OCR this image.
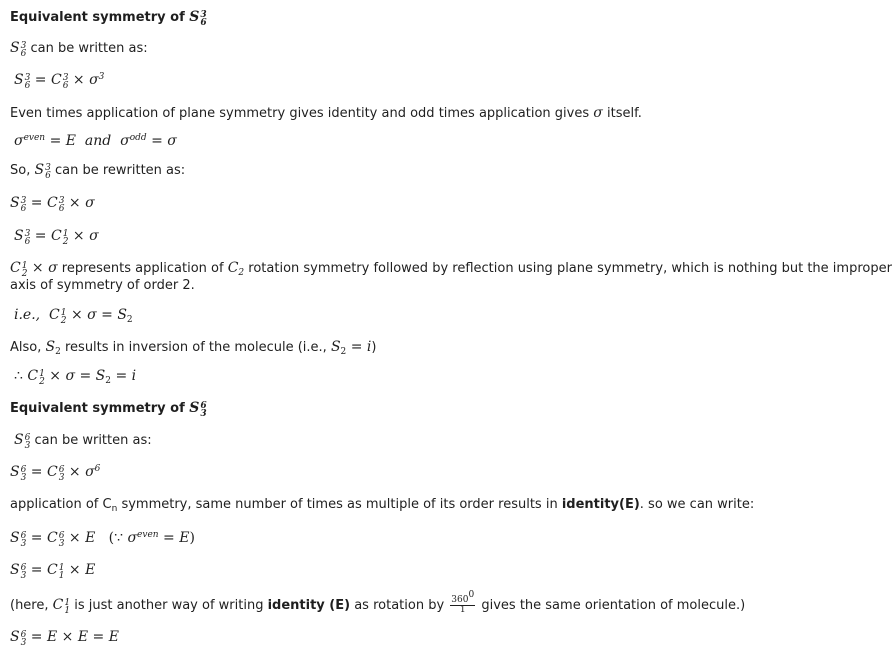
Equivalent symmetry of S 3
6
S 3
6 can be written as:
S 3
6 = C 3
$6 \times \sigma^3$
Even times application of plane symmetry gives identity and odd times application gives σ itself.
$\sigma^{even} = E$ and $\sigma^{odd} = \sigma$
So, S 3
6 can be rewritten as:
S 3
6 = C 3
6 × σ
S 3
6 = C 1
2 × σ
C 1
2 × σ represents application of $C_2$ rotation symmetry followed by reflection using plane symmetry, which is nothing but the improper
axis of symmetry of order 2.
i.e., C 1
$2 \times \sigma = S_2$
Also, $S_2$ results in inversion of the molecule (i.e., $S_2 = i$)
∴ C 1
$2 \times \sigma = S_2 = i$
Equivalent symmetry of S 6
3
S 6
3 can be written as:
S 6
3 = C 6
$3 \times \sigma^6$
application of $C_n$ symmetry, same number of times as multiple of its order results in identity(E). so we can write:
S 6
3 = C 6
3 × E (∵ $\sigma^{even} = E$)
S 6
3 = C 1
1 × E
(here, C 1
1 is just another way of writing identity (E) as rotation by $\frac{360^0}{1}$ gives the same orientation of molecule.)
S 6
3 = E × E = E
